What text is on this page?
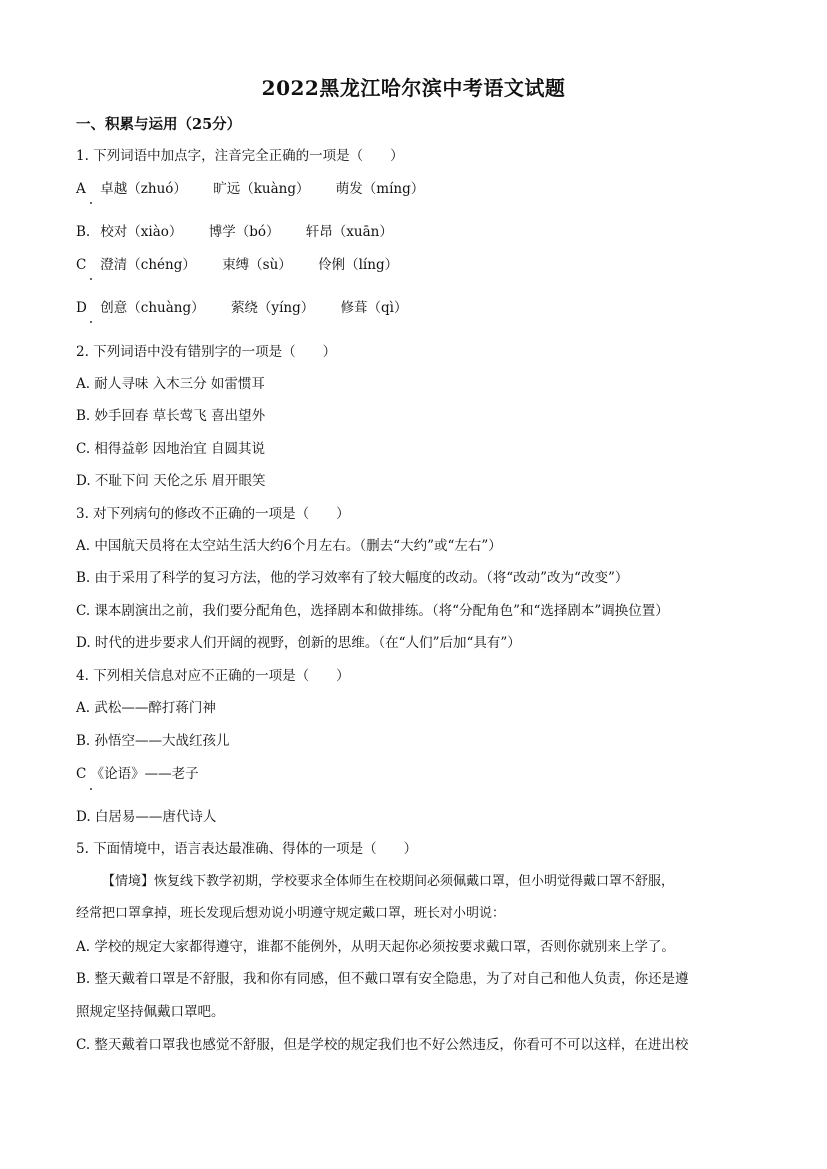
2022黑龙江哈尔滨中考语文试题
一、积累与运用（25分）
1. 下列词语中加点字，注音完全正确的一项是（　　）
A 卓越（zhuó） 旷远（kuàng） 萌发（míng）
B. 校对（xiào） 博学（bó） 轩昂（xuān）
C 澄清（chéng） 束缚（sù） 伶俐（líng）
D 创意（chuàng） 萦绕（yíng） 修葺（qì）
2. 下列词语中没有错别字的一项是（　　）
A. 耐人寻味 入木三分 如雷惯耳
B. 妙手回春 草长莺飞 喜出望外
C. 相得益彰 因地治宜 自圆其说
D. 不耻下问 天伦之乐 眉开眼笑
3. 对下列病句的修改不正确的一项是（　　）
A. 中国航天员将在太空站生活大约6个月左右。（删去“大约”或“左右”）
B. 由于采用了科学的复习方法，他的学习效率有了较大幅度的改动。（将“改动”改为“改变”）
C. 课本剧演出之前，我们要分配角色，选择剧本和做排练。（将“分配角色”和“选择剧本”调换位置）
D. 时代的进步要求人们开阔的视野，创新的思维。（在“人们”后加“具有”）
4. 下列相关信息对应不正确的一项是（　　）
A. 武松——醉打蒋门神
B. 孙悟空——大战红孩儿
C 《论语》——老子
D. 白居易——唐代诗人
5. 下面情境中，语言表达最准确、得体的一项是（　　）
【情境】恢复线下教学初期，学校要求全体师生在校期间必须佩戴口罩，但小明觉得戴口罩不舒服，
经常把口罩拿掉，班长发现后想劝说小明遵守规定戴口罩，班长对小明说：
A. 学校的规定大家都得遵守，谁都不能例外，从明天起你必须按要求戴口罩，否则你就别来上学了。
B. 整天戴着口罩是不舒服，我和你有同感，但不戴口罩有安全隐患，为了对自己和他人负责，你还是遵
照规定坚持佩戴口罩吧。
C. 整天戴着口罩我也感觉不舒服，但是学校的规定我们也不好公然违反，你看可不可以这样，在进出校
